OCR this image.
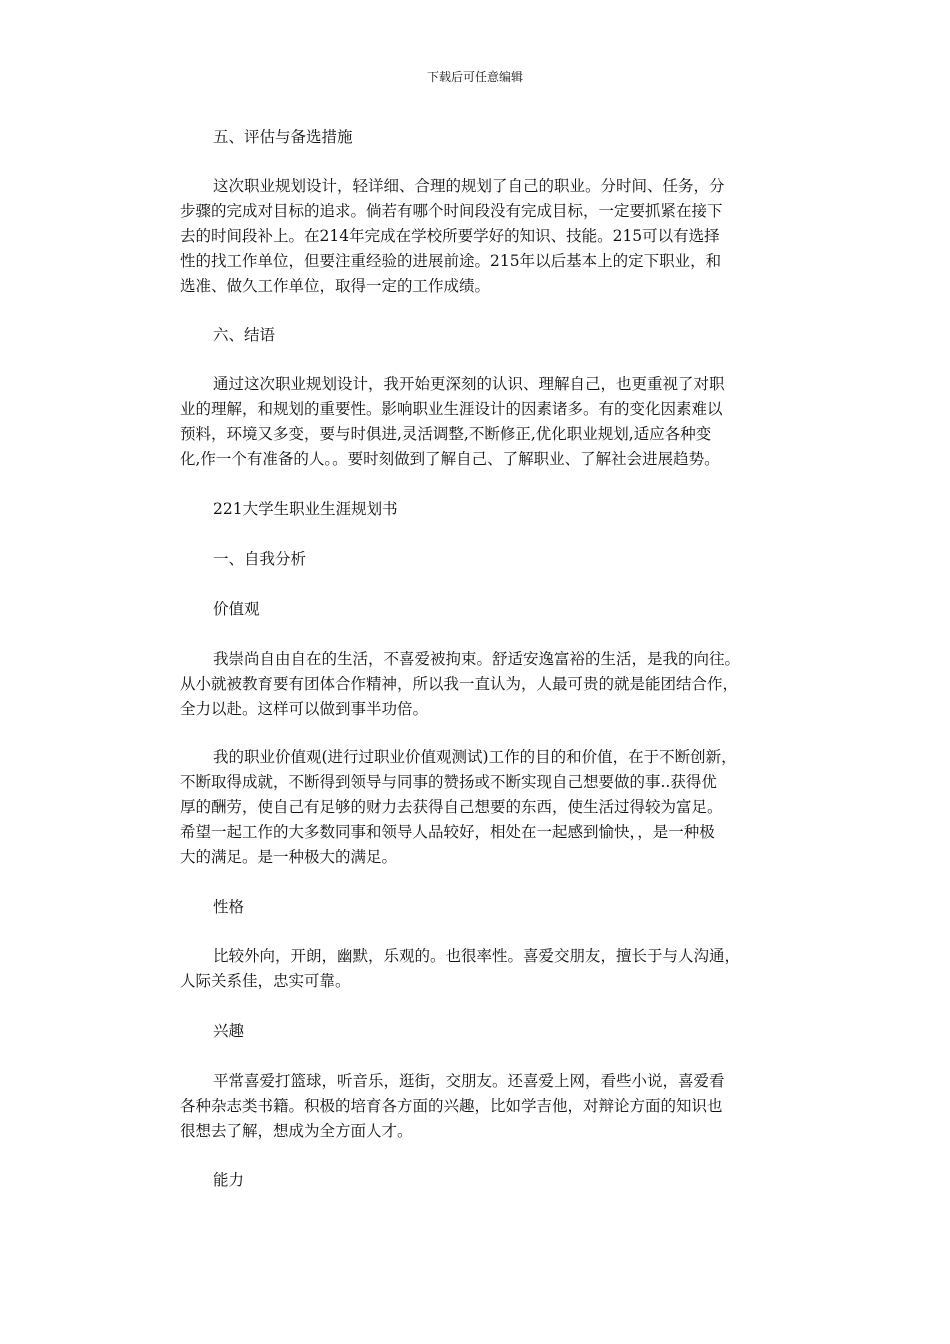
下载后可任意编辑

五、评估与备选措施

这次职业规划设计，轻详细、合理的规划了自己的职业。分时间、任务，分
步骤的完成对目标的追求。倘若有哪个时间段没有完成目标，一定要抓紧在接下
去的时间段补上。在214年完成在学校所要学好的知识、技能。215可以有选择
性的找工作单位，但要注重经验的进展前途。215年以后基本上的定下职业，和
选准、做久工作单位，取得一定的工作成绩。

六、结语

通过这次职业规划设计，我开始更深刻的认识、理解自己，也更重视了对职
业的理解，和规划的重要性。影响职业生涯设计的因素诸多。有的变化因素难以
预料，环境又多变，要与时俱进,灵活调整,不断修正,优化职业规划,适应各种变
化,作一个有准备的人。。要时刻做到了解自己、了解职业、了解社会进展趋势。

221大学生职业生涯规划书

一、自我分析

价值观

我崇尚自由自在的生活，不喜爱被拘束。舒适安逸富裕的生活，是我的向往。
从小就被教育要有团体合作精神，所以我一直认为，人最可贵的就是能团结合作，
全力以赴。这样可以做到事半功倍。
我的职业价值观(进行过职业价值观测试)工作的目的和价值，在于不断创新，
不断取得成就，不断得到领导与同事的赞扬或不断实现自己想要做的事..获得优
厚的酬劳，使自己有足够的财力去获得自己想要的东西，使生活过得较为富足。
希望一起工作的大多数同事和领导人品较好，相处在一起感到愉快，，是一种极
大的满足。是一种极大的满足。

性格

比较外向，开朗，幽默，乐观的。也很率性。喜爱交朋友，擅长于与人沟通，
人际关系佳，忠实可靠。

兴趣

平常喜爱打篮球，听音乐，逛街，交朋友。还喜爱上网，看些小说，喜爱看
各种杂志类书籍。积极的培育各方面的兴趣，比如学吉他，对辩论方面的知识也
很想去了解，想成为全方面人才。

能力
